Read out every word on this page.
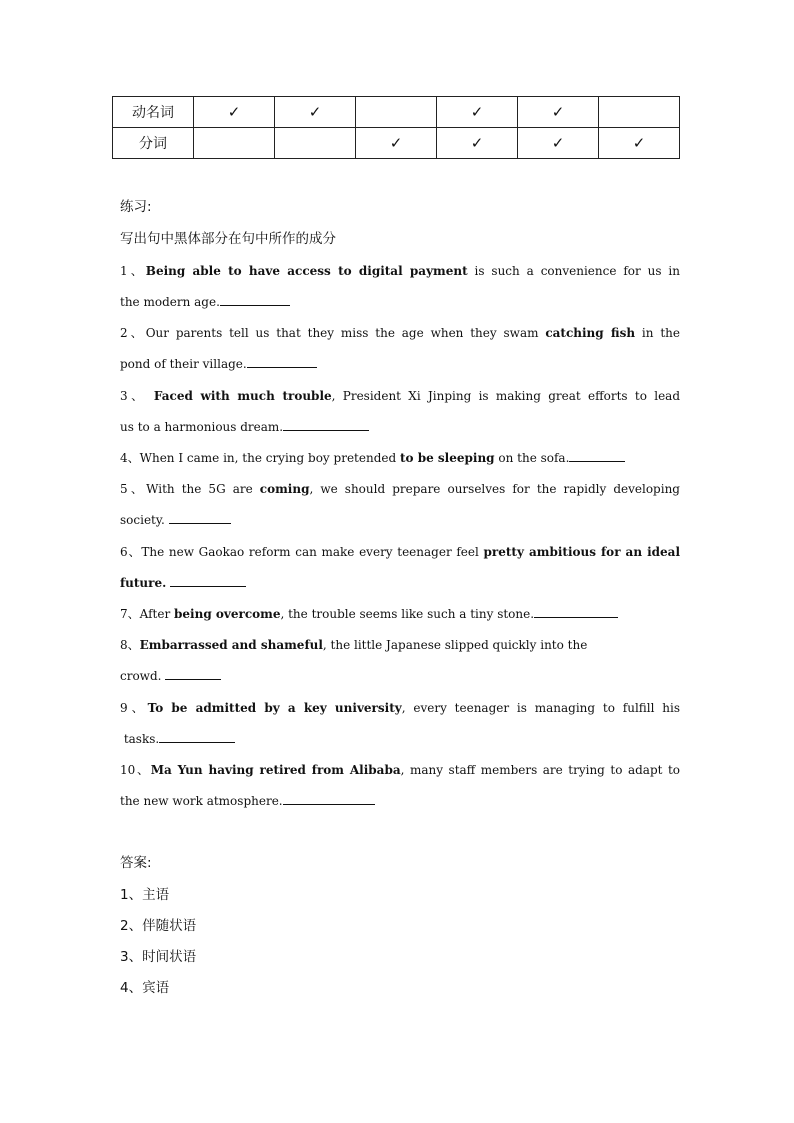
动名词	✓	✓		✓	✓	
分词			✓	✓	✓	✓
练习:
写出句中黑体部分在句中所作的成分
1、Being able to have access to digital payment is such a convenience for us in
the modern age.
2、Our parents tell us that they miss the age when they swam catching fish in the
pond of their village.
3、 Faced with much trouble, President Xi Jinping is making great efforts to lead
us to a harmonious dream.
4、When I came in, the crying boy pretended to be sleeping on the sofa.
5、With the 5G are coming, we should prepare ourselves for the rapidly developing
society.
6、The new Gaokao reform can make every teenager feel pretty ambitious for an ideal
future.
7、After being overcome, the trouble seems like such a tiny stone.
8、Embarrassed and shameful, the little Japanese slipped quickly into the
crowd.
9、To be admitted by a key university, every teenager is managing to fulfill his
tasks.
10、Ma Yun having retired from Alibaba, many staff members are trying to adapt to
the new work atmosphere.
答案:
1、主语
2、伴随状语
3、时间状语
4、宾语
